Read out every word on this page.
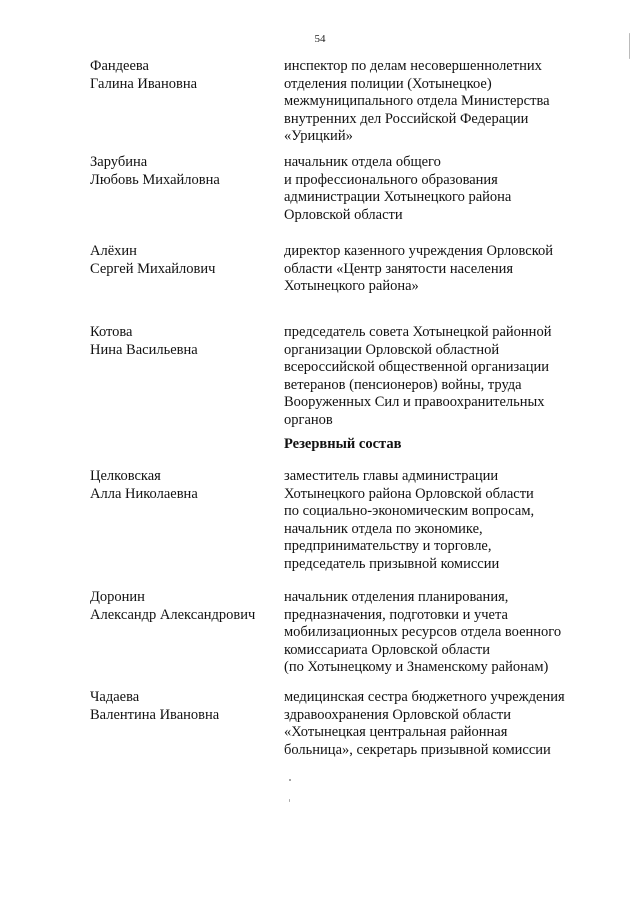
54
Фандеева
Галина Ивановна
инспектор по делам несовершеннолетних
отделения полиции (Хотынецкое)
межмуниципального отдела Министерства
внутренних дел Российской Федерации
«Урицкий»
Зарубина
Любовь Михайловна
начальник отдела общего
и профессионального образования
администрации Хотынецкого района
Орловской области
Алёхин
Сергей Михайлович
директор казенного учреждения Орловской
области «Центр занятости населения
Хотынецкого района»
Котова
Нина Васильевна
председатель совета Хотынецкой районной
организации Орловской областной
всероссийской общественной организации
ветеранов (пенсионеров) войны, труда
Вооруженных Сил и правоохранительных
органов
Резервный состав
Целковская
Алла Николаевна
заместитель главы администрации
Хотынецкого района Орловской области
по социально-экономическим вопросам,
начальник отдела по экономике,
предпринимательству и торговле,
председатель призывной комиссии
Доронин
Александр Александрович
начальник отделения планирования,
предназначения, подготовки и учета
мобилизационных ресурсов отдела военного
комиссариата Орловской области
(по Хотынецкому и Знаменскому районам)
Чадаева
Валентина Ивановна
медицинская сестра бюджетного учреждения
здравоохранения Орловской области
«Хотынецкая центральная районная
больница», секретарь призывной комиссии
